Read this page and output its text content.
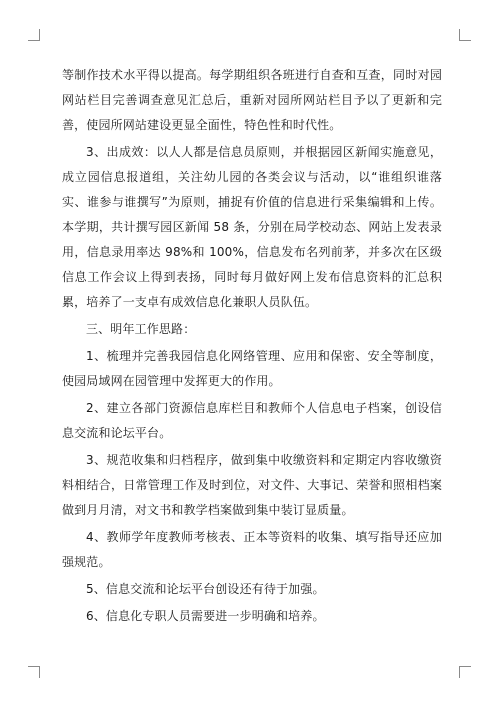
等制作技术水平得以提高。每学期组织各班进行自查和互查，同时对园网站栏目完善调查意见汇总后，重新对园所网站栏目予以了更新和完善，使园所网站建设更显全面性，特色性和时代性。

3、出成效：以人人都是信息员原则，并根据园区新闻实施意见，成立园信息报道组，关注幼儿园的各类会议与活动，以“谁组织谁落实、谁参与谁撰写”为原则，捕捉有价值的信息进行采集编辑和上传。本学期，共计撰写园区新闻 58 条，分别在局学校动态、网站上发表录用，信息录用率达 98%和 100%，信息发布名列前茅，并多次在区级信息工作会议上得到表扬，同时每月做好网上发布信息资料的汇总积累，培养了一支卓有成效信息化兼职人员队伍。

三、明年工作思路：

1、梳理并完善我园信息化网络管理、应用和保密、安全等制度，使园局域网在园管理中发挥更大的作用。

2、建立各部门资源信息库栏目和教师个人信息电子档案，创设信息交流和论坛平台。

3、规范收集和归档程序，做到集中收缴资料和定期定内容收缴资料相结合，日常管理工作及时到位，对文件、大事记、荣誉和照相档案做到月月清，对文书和教学档案做到集中装订显质量。

4、教师学年度教师考核表、正本等资料的收集、填写指导还应加强规范。

5、信息交流和论坛平台创设还有待于加强。

6、信息化专职人员需要进一步明确和培养。
